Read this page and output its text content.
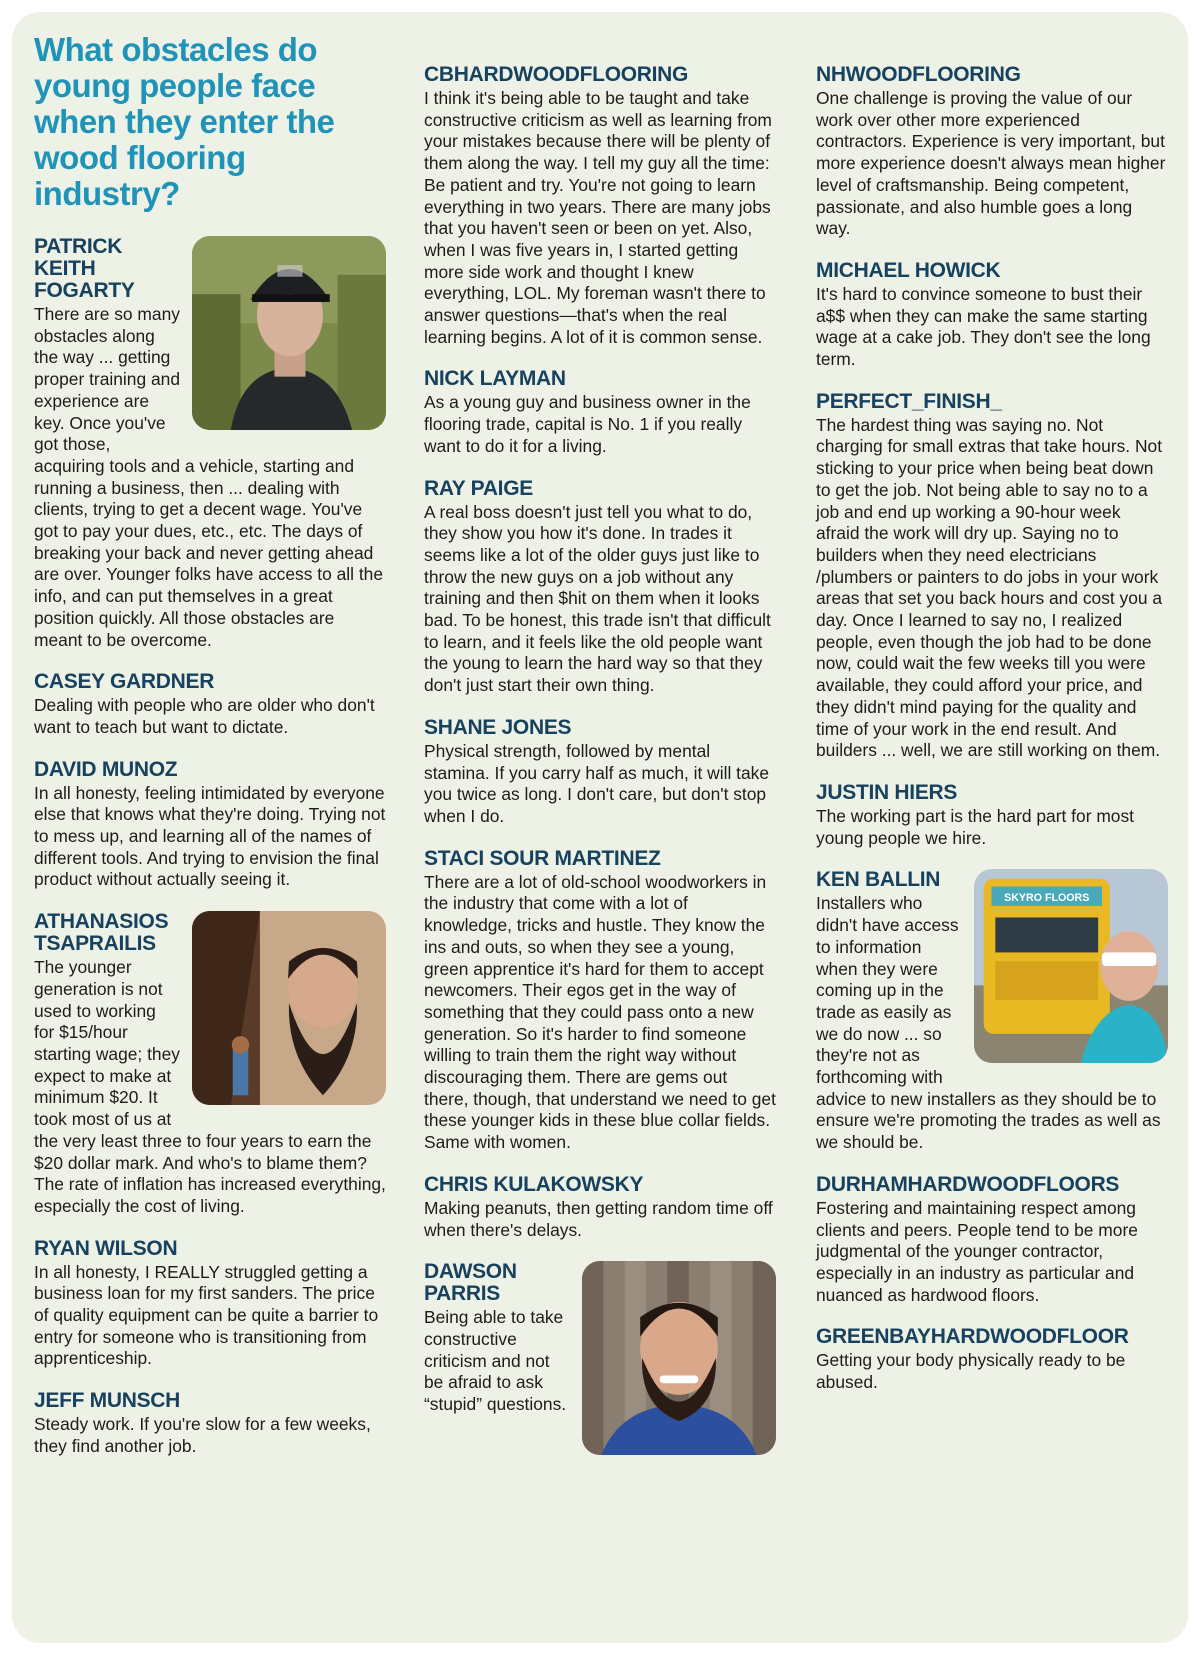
What obstacles do young people face when they enter the wood flooring industry?
PATRICK
KEITH
FOGARTY

There are so many obstacles along the way ... getting proper training and experience are key. Once you've got those, acquiring tools and a vehicle, starting and running a business, then ... dealing with clients, trying to get a decent wage. You've got to pay your dues, etc., etc. The days of breaking your back and never getting ahead are over. Younger folks have access to all the info, and can put themselves in a great position quickly. All those obstacles are meant to be overcome.

CASEY GARDNER

Dealing with people who are older who don't want to teach but want to dictate.

DAVID MUNOZ

In all honesty, feeling intimidated by everyone else that knows what they're doing. Trying not to mess up, and learning all of the names of different tools. And trying to envision the final product without actually seeing it.

ATHANASIOS
TSAPRAILIS

The younger generation is not used to working for $15/hour starting wage; they expect to make at minimum $20. It took most of us at the very least three to four years to earn the $20 dollar mark. And who's to blame them? The rate of inflation has increased everything, especially the cost of living.

RYAN WILSON

In all honesty, I REALLY struggled getting a business loan for my first sanders. The price of quality equipment can be quite a barrier to entry for someone who is transitioning from apprenticeship.

JEFF MUNSCH

Steady work. If you're slow for a few weeks, they find another job.

CBHARDWOODFLOORING

I think it's being able to be taught and take constructive criticism as well as learning from your mistakes because there will be plenty of them along the way. I tell my guy all the time: Be patient and try. You're not going to learn everything in two years. There are many jobs that you haven't seen or been on yet. Also, when I was five years in, I started getting more side work and thought I knew everything, LOL. My foreman wasn't there to answer questions—that's when the real learning begins. A lot of it is common sense.

NICK LAYMAN

As a young guy and business owner in the flooring trade, capital is No. 1 if you really want to do it for a living.

RAY PAIGE

A real boss doesn't just tell you what to do, they show you how it's done. In trades it seems like a lot of the older guys just like to throw the new guys on a job without any training and then $hit on them when it looks bad. To be honest, this trade isn't that difficult to learn, and it feels like the old people want the young to learn the hard way so that they don't just start their own thing.

SHANE JONES

Physical strength, followed by mental stamina. If you carry half as much, it will take you twice as long. I don't care, but don't stop when I do.

STACI SOUR MARTINEZ

There are a lot of old-school woodworkers in the industry that come with a lot of knowledge, tricks and hustle. They know the ins and outs, so when they see a young, green apprentice it's hard for them to accept newcomers. Their egos get in the way of something that they could pass onto a new generation. So it's harder to find someone willing to train them the right way without discouraging them. There are gems out there, though, that understand we need to get these younger kids in these blue collar fields. Same with women.

CHRIS KULAKOWSKY

Making peanuts, then getting random time off when there's delays.

DAWSON
PARRIS

Being able to take constructive criticism and not be afraid to ask “stupid” questions.

NHWOODFLOORING

One challenge is proving the value of our work over other more experienced contractors. Experience is very important, but more experience doesn't always mean higher level of craftsmanship. Being competent, passionate, and also humble goes a long way.

MICHAEL HOWICK

It's hard to convince someone to bust their a$$ when they can make the same starting wage at a cake job. They don't see the long term.

PERFECT_FINISH_

The hardest thing was saying no. Not charging for small extras that take hours. Not sticking to your price when being beat down to get the job. Not being able to say no to a job and end up working a 90-hour week afraid the work will dry up. Saying no to builders when they need electricians /plumbers or painters to do jobs in your work areas that set you back hours and cost you a day. Once I learned to say no, I realized people, even though the job had to be done now, could wait the few weeks till you were available, they could afford your price, and they didn't mind paying for the quality and time of your work in the end result. And builders ... well, we are still working on them.

JUSTIN HIERS

The working part is the hard part for most young people we hire.

SKYRO FLOORS
KEN BALLIN

Installers who didn't have access to information when they were coming up in the trade as easily as we do now ... so they're not as forthcoming with advice to new installers as they should be to ensure we're promoting the trades as well as we should be.

DURHAMHARDWOODFLOORS

Fostering and maintaining respect among clients and peers. People tend to be more judgmental of the younger contractor, especially in an industry as particular and nuanced as hardwood floors.

GREENBAYHARDWOODFLOOR

Getting your body physically ready to be abused.
